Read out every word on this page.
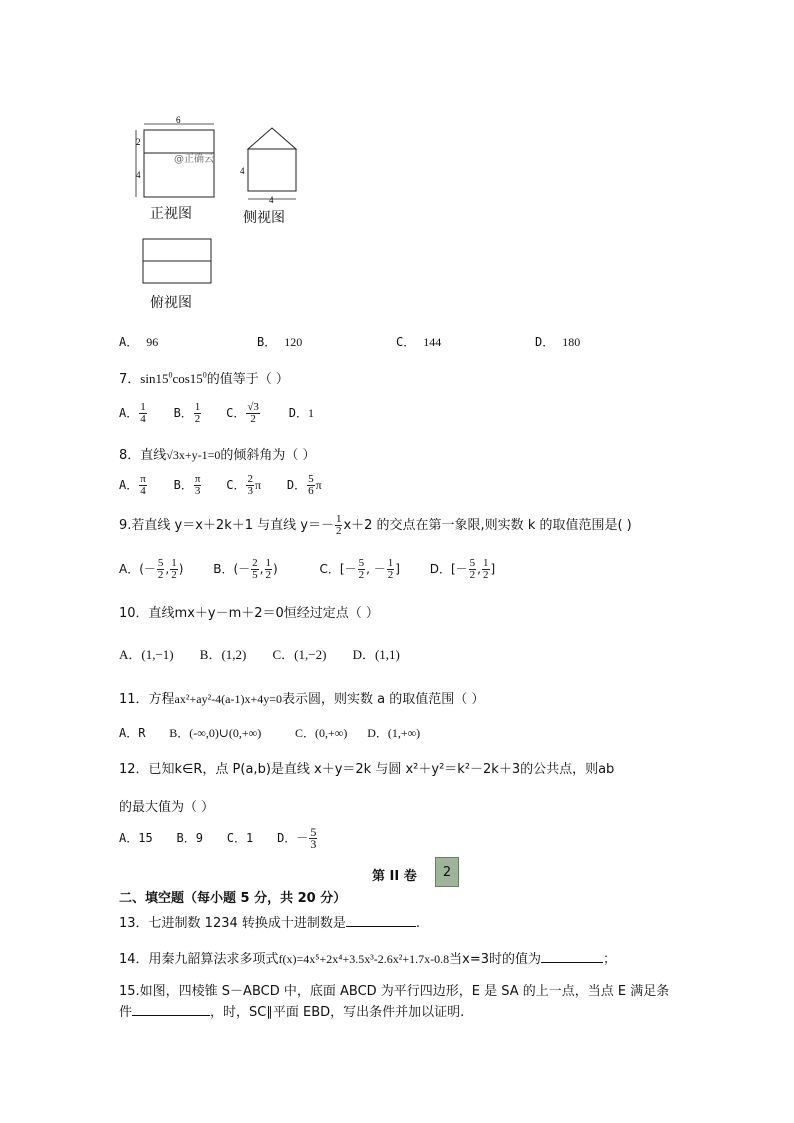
6
2
4
@正确云
正视图
4
4
侧视图
俯视图
A． 96	B． 120	C． 144	D． 180
7．$\sin 15^0\cos 15^0$的值等于（ ）
A． $\frac{1}{4}$ B． $\frac{1}{2}$ C． $\frac{√3}{2}$ D．1
8．直线√3x+y-1=0的倾斜角为（ ）
A． $\frac{\pi}{4}$ B． $\frac{\pi}{3}$ C． $\frac{2}{3}$ π D． $\frac{5}{6}$ π
9.若直线 y＝x＋2k＋1 与直线 $y=- \frac{1}{2} x+2$ 的交点在第一象限,则实数 k 的取值范围是( )
A．(－ $\frac{5}{2}$ , $\frac{1}{2}$ ) B．(－ $\frac{2}{5}$ , $\frac{1}{2}$ )	C．[－ $\frac{5}{2}$ , － $\frac{1}{2}$ ] D．[－ $\frac{5}{2}$ , $\frac{1}{2}$ ]
10．直线mx＋y－m＋2＝0恒经过定点（ ）
A．(1,−1) B．(1,2) C．(1,−2) D．(1,1)
11．方程ax²+ay²-4(a-1)x+4y=0表示圆，则实数 a 的取值范围（ ）
A．R B．(-∞,0)∪(0,+∞)	C．(0,+∞) D．(1,+∞)
12．已知k∈R，点 P(a,b)是直线 x＋y＝2k 与圆 x²＋y²＝k²－2k＋3的公共点，则ab
的最大值为（ ）
A．15 B．9 C．1 D．－ $\frac{5}{3}$
第 II 卷	2
二、填空题（每小题 5 分，共 20 分）
13．七进制数 1234 转换成十进制数是	.
14．用秦九韶算法求多项式f(x)=4x⁵+2x⁴+3.5x³-2.6x²+1.7x-0.8当x=3时的值为	；
15.如图，四棱锥 S－ABCD 中，底面 ABCD 为平行四边形，E 是 SA 的上一点，当点 E 满足条
件	，时，SC∥平面 EBD，写出条件并加以证明.
